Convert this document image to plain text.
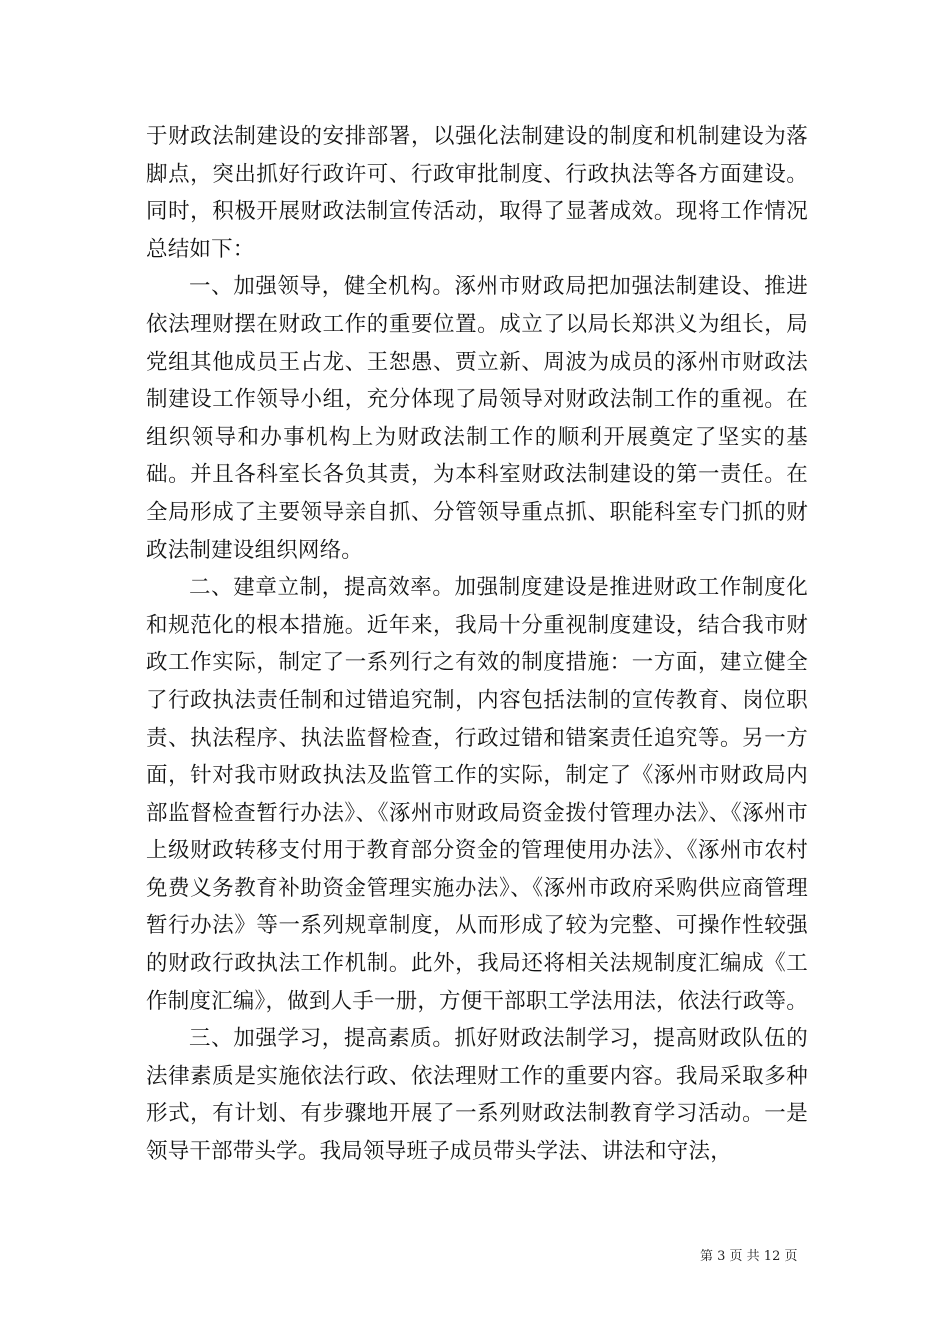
于财政法制建设的安排部署，以强化法制建设的制度和机制建设为落脚点，突出抓好行政许可、行政审批制度、行政执法等各方面建设。同时，积极开展财政法制宣传活动，取得了显著成效。现将工作情况总结如下：

一、加强领导，健全机构。涿州市财政局把加强法制建设、推进依法理财摆在财政工作的重要位置。成立了以局长郑洪义为组长，局党组其他成员王占龙、王恕愚、贾立新、周波为成员的涿州市财政法制建设工作领导小组，充分体现了局领导对财政法制工作的重视。在组织领导和办事机构上为财政法制工作的顺利开展奠定了坚实的基础。并且各科室长各负其责，为本科室财政法制建设的第一责任。在全局形成了主要领导亲自抓、分管领导重点抓、职能科室专门抓的财政法制建设组织网络。

二、建章立制，提高效率。加强制度建设是推进财政工作制度化和规范化的根本措施。近年来，我局十分重视制度建设，结合我市财政工作实际，制定了一系列行之有效的制度措施：一方面，建立健全了行政执法责任制和过错追究制，内容包括法制的宣传教育、岗位职责、执法程序、执法监督检查，行政过错和错案责任追究等。另一方面，针对我市财政执法及监管工作的实际，制定了《涿州市财政局内部监督检查暂行办法》、《涿州市财政局资金拨付管理办法》、《涿州市上级财政转移支付用于教育部分资金的管理使用办法》、《涿州市农村免费义务教育补助资金管理实施办法》、《涿州市政府采购供应商管理暂行办法》等一系列规章制度，从而形成了较为完整、可操作性较强的财政行政执法工作机制。此外，我局还将相关法规制度汇编成《工作制度汇编》，做到人手一册，方便干部职工学法用法，依法行政等。

三、加强学习，提高素质。抓好财政法制学习，提高财政队伍的法律素质是实施依法行政、依法理财工作的重要内容。我局采取多种形式，有计划、有步骤地开展了一系列财政法制教育学习活动。一是领导干部带头学。我局领导班子成员带头学法、讲法和守法，

第 3 页 共 12 页
